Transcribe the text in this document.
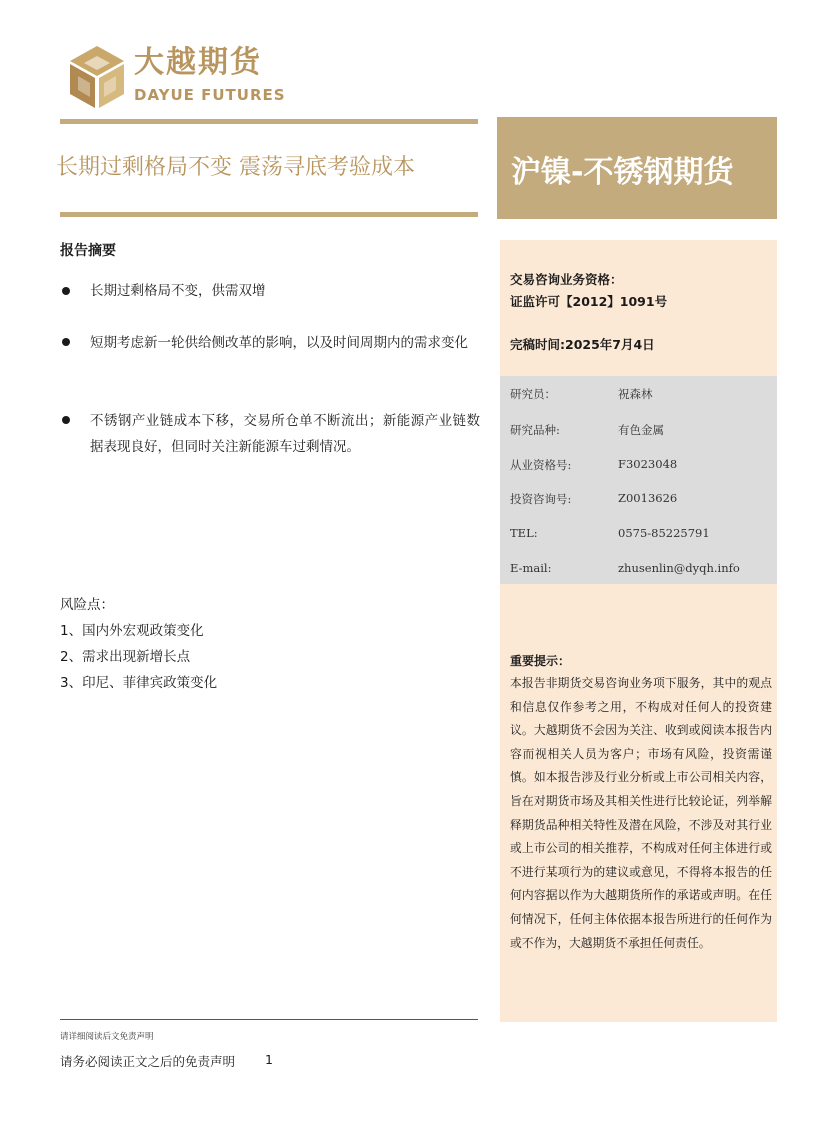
大越期货
DAYUE FUTURES
长期过剩格局不变 震荡寻底考验成本	沪镍-不锈钢期货
报告摘要
长期过剩格局不变，供需双增
短期考虑新一轮供给侧改革的影响，以及时间周期内的需求变化
不锈钢产业链成本下移，交易所仓单不断流出；新能源产业链数据表现良好，但同时关注新能源车过剩情况。
风险点：
1、国内外宏观政策变化
2、需求出现新增长点
3、印尼、菲律宾政策变化
交易咨询业务资格：
证监许可【2012】1091号
完稿时间:2025年7月4日
研究员：	祝森林
研究品种:	有色金属
从业资格号:	F3023048
投资咨询号:	Z0013626
TEL:	0575-85225791
E-mail:	zhusenlin@dyqh.info
重要提示：
本报告非期货交易咨询业务项下服务，其中的观点和信息仅作参考之用，不构成对任何人的投资建议。大越期货不会因为关注、收到或阅读本报告内容而视相关人员为客户；市场有风险，投资需谨慎。如本报告涉及行业分析或上市公司相关内容，旨在对期货市场及其相关性进行比较论证，列举解释期货品种相关特性及潜在风险，不涉及对其行业或上市公司的相关推荐，不构成对任何主体进行或不进行某项行为的建议或意见，不得将本报告的任何内容据以作为大越期货所作的承诺或声明。在任何情况下，任何主体依据本报告所进行的任何作为或不作为，大越期货不承担任何责任。
请详细阅读后文免责声明
请务必阅读正文之后的免责声明 1
